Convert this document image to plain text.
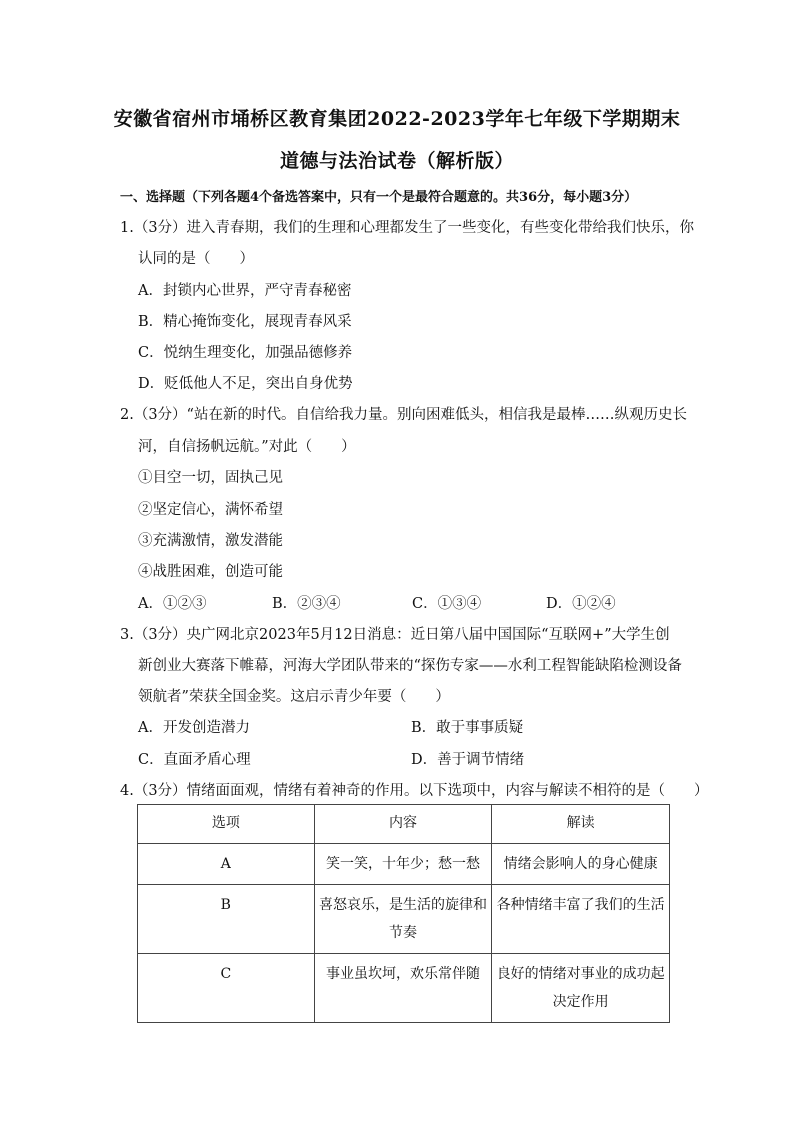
安徽省宿州市埇桥区教育集团2022-2023学年七年级下学期期末
道德与法治试卷（解析版）
一、选择题（下列各题4个备选答案中，只有一个是最符合题意的。共36分，每小题3分）
1.（3分）进入青春期，我们的生理和心理都发生了一些变化，有些变化带给我们快乐，你
认同的是（　　）
A．封锁内心世界，严守青春秘密
B．精心掩饰变化，展现青春风采
C．悦纳生理变化，加强品德修养
D．贬低他人不足，突出自身优势
2.（3分）“站在新的时代。自信给我力量。别向困难低头，相信我是最棒……纵观历史长
河，自信扬帆远航。”对此（　　）
①目空一切，固执己见
②坚定信心，满怀希望
③充满激情，激发潜能
④战胜困难，创造可能
A．①②③	B．②③④	C．①③④	D．①②④
3.（3分）央广网北京2023年5月12日消息：近日第八届中国国际“互联网+”大学生创
新创业大赛落下帷幕，河海大学团队带来的“探伤专家——水利工程智能缺陷检测设备
领航者”荣获全国金奖。这启示青少年要（　　）
A．开发创造潜力	B．敢于事事质疑
C．直面矛盾心理	D．善于调节情绪
4.（3分）情绪面面观，情绪有着神奇的作用。以下选项中，内容与解读不相符的是（　　）
选项	内容	解读
A	笑一笑，十年少；愁一愁	情绪会影响人的身心健康
B	喜怒哀乐，是生活的旋律和节奏	各种情绪丰富了我们的生活
C	事业虽坎坷，欢乐常伴随	良好的情绪对事业的成功起决定作用
